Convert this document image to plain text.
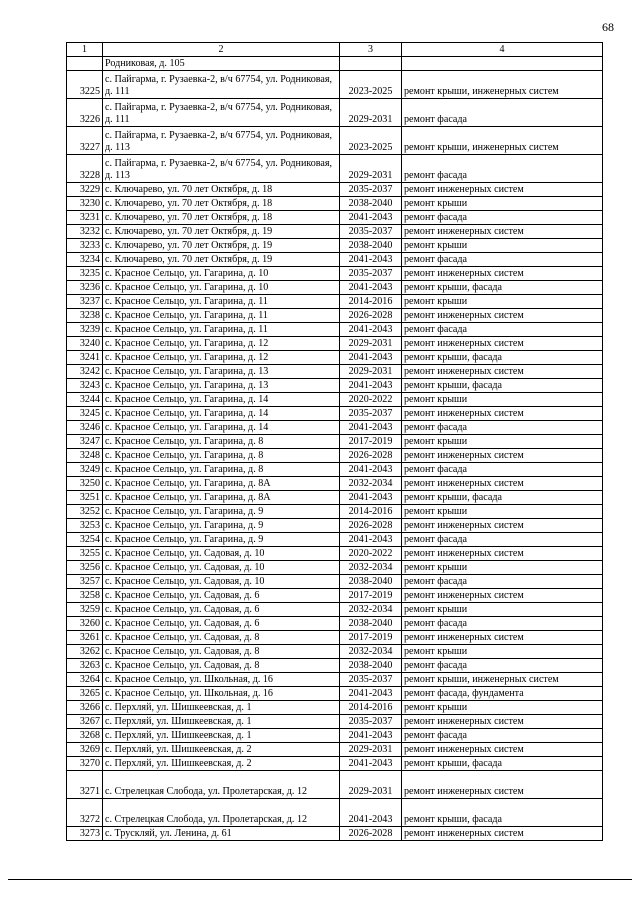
68
1	2	3	4
	Родниковая, д. 105		
3225	с. Пайгарма, г. Рузаевка-2, в/ч 67754, ул. Родниковая, д. 111	2023-2025	ремонт крыши, инженерных систем
3226	с. Пайгарма, г. Рузаевка-2, в/ч 67754, ул. Родниковая, д. 111	2029-2031	ремонт фасада
3227	с. Пайгарма, г. Рузаевка-2, в/ч 67754, ул. Родниковая, д. 113	2023-2025	ремонт крыши, инженерных систем
3228	с. Пайгарма, г. Рузаевка-2, в/ч 67754, ул. Родниковая, д. 113	2029-2031	ремонт фасада
3229	с. Ключарево, ул. 70 лет Октября, д. 18	2035-2037	ремонт инженерных систем
3230	с. Ключарево, ул. 70 лет Октября, д. 18	2038-2040	ремонт крыши
3231	с. Ключарево, ул. 70 лет Октября, д. 18	2041-2043	ремонт фасада
3232	с. Ключарево, ул. 70 лет Октября, д. 19	2035-2037	ремонт инженерных систем
3233	с. Ключарево, ул. 70 лет Октября, д. 19	2038-2040	ремонт крыши
3234	с. Ключарево, ул. 70 лет Октября, д. 19	2041-2043	ремонт фасада
3235	с. Красное Сельцо, ул. Гагарина, д. 10	2035-2037	ремонт инженерных систем
3236	с. Красное Сельцо, ул. Гагарина, д. 10	2041-2043	ремонт крыши, фасада
3237	с. Красное Сельцо, ул. Гагарина, д. 11	2014-2016	ремонт крыши
3238	с. Красное Сельцо, ул. Гагарина, д. 11	2026-2028	ремонт инженерных систем
3239	с. Красное Сельцо, ул. Гагарина, д. 11	2041-2043	ремонт фасада
3240	с. Красное Сельцо, ул. Гагарина, д. 12	2029-2031	ремонт инженерных систем
3241	с. Красное Сельцо, ул. Гагарина, д. 12	2041-2043	ремонт крыши, фасада
3242	с. Красное Сельцо, ул. Гагарина, д. 13	2029-2031	ремонт инженерных систем
3243	с. Красное Сельцо, ул. Гагарина, д. 13	2041-2043	ремонт крыши, фасада
3244	с. Красное Сельцо, ул. Гагарина, д. 14	2020-2022	ремонт крыши
3245	с. Красное Сельцо, ул. Гагарина, д. 14	2035-2037	ремонт инженерных систем
3246	с. Красное Сельцо, ул. Гагарина, д. 14	2041-2043	ремонт фасада
3247	с. Красное Сельцо, ул. Гагарина, д. 8	2017-2019	ремонт крыши
3248	с. Красное Сельцо, ул. Гагарина, д. 8	2026-2028	ремонт инженерных систем
3249	с. Красное Сельцо, ул. Гагарина, д. 8	2041-2043	ремонт фасада
3250	с. Красное Сельцо, ул. Гагарина, д. 8А	2032-2034	ремонт инженерных систем
3251	с. Красное Сельцо, ул. Гагарина, д. 8А	2041-2043	ремонт крыши, фасада
3252	с. Красное Сельцо, ул. Гагарина, д. 9	2014-2016	ремонт крыши
3253	с. Красное Сельцо, ул. Гагарина, д. 9	2026-2028	ремонт инженерных систем
3254	с. Красное Сельцо, ул. Гагарина, д. 9	2041-2043	ремонт фасада
3255	с. Красное Сельцо, ул. Садовая, д. 10	2020-2022	ремонт инженерных систем
3256	с. Красное Сельцо, ул. Садовая, д. 10	2032-2034	ремонт крыши
3257	с. Красное Сельцо, ул. Садовая, д. 10	2038-2040	ремонт фасада
3258	с. Красное Сельцо, ул. Садовая, д. 6	2017-2019	ремонт инженерных систем
3259	с. Красное Сельцо, ул. Садовая, д. 6	2032-2034	ремонт крыши
3260	с. Красное Сельцо, ул. Садовая, д. 6	2038-2040	ремонт фасада
3261	с. Красное Сельцо, ул. Садовая, д. 8	2017-2019	ремонт инженерных систем
3262	с. Красное Сельцо, ул. Садовая, д. 8	2032-2034	ремонт крыши
3263	с. Красное Сельцо, ул. Садовая, д. 8	2038-2040	ремонт фасада
3264	с. Красное Сельцо, ул. Школьная, д. 16	2035-2037	ремонт крыши, инженерных систем
3265	с. Красное Сельцо, ул. Школьная, д. 16	2041-2043	ремонт фасада, фундамента
3266	с. Перхляй, ул. Шишкеевская, д. 1	2014-2016	ремонт крыши
3267	с. Перхляй, ул. Шишкеевская, д. 1	2035-2037	ремонт инженерных систем
3268	с. Перхляй, ул. Шишкеевская, д. 1	2041-2043	ремонт фасада
3269	с. Перхляй, ул. Шишкеевская, д. 2	2029-2031	ремонт инженерных систем
3270	с. Перхляй, ул. Шишкеевская, д. 2	2041-2043	ремонт крыши, фасада
3271	с. Стрелецкая Слобода, ул. Пролетарская, д. 12	2029-2031	ремонт инженерных систем
3272	с. Стрелецкая Слобода, ул. Пролетарская, д. 12	2041-2043	ремонт крыши, фасада
3273	с. Трускляй, ул. Ленина, д. 61	2026-2028	ремонт инженерных систем
